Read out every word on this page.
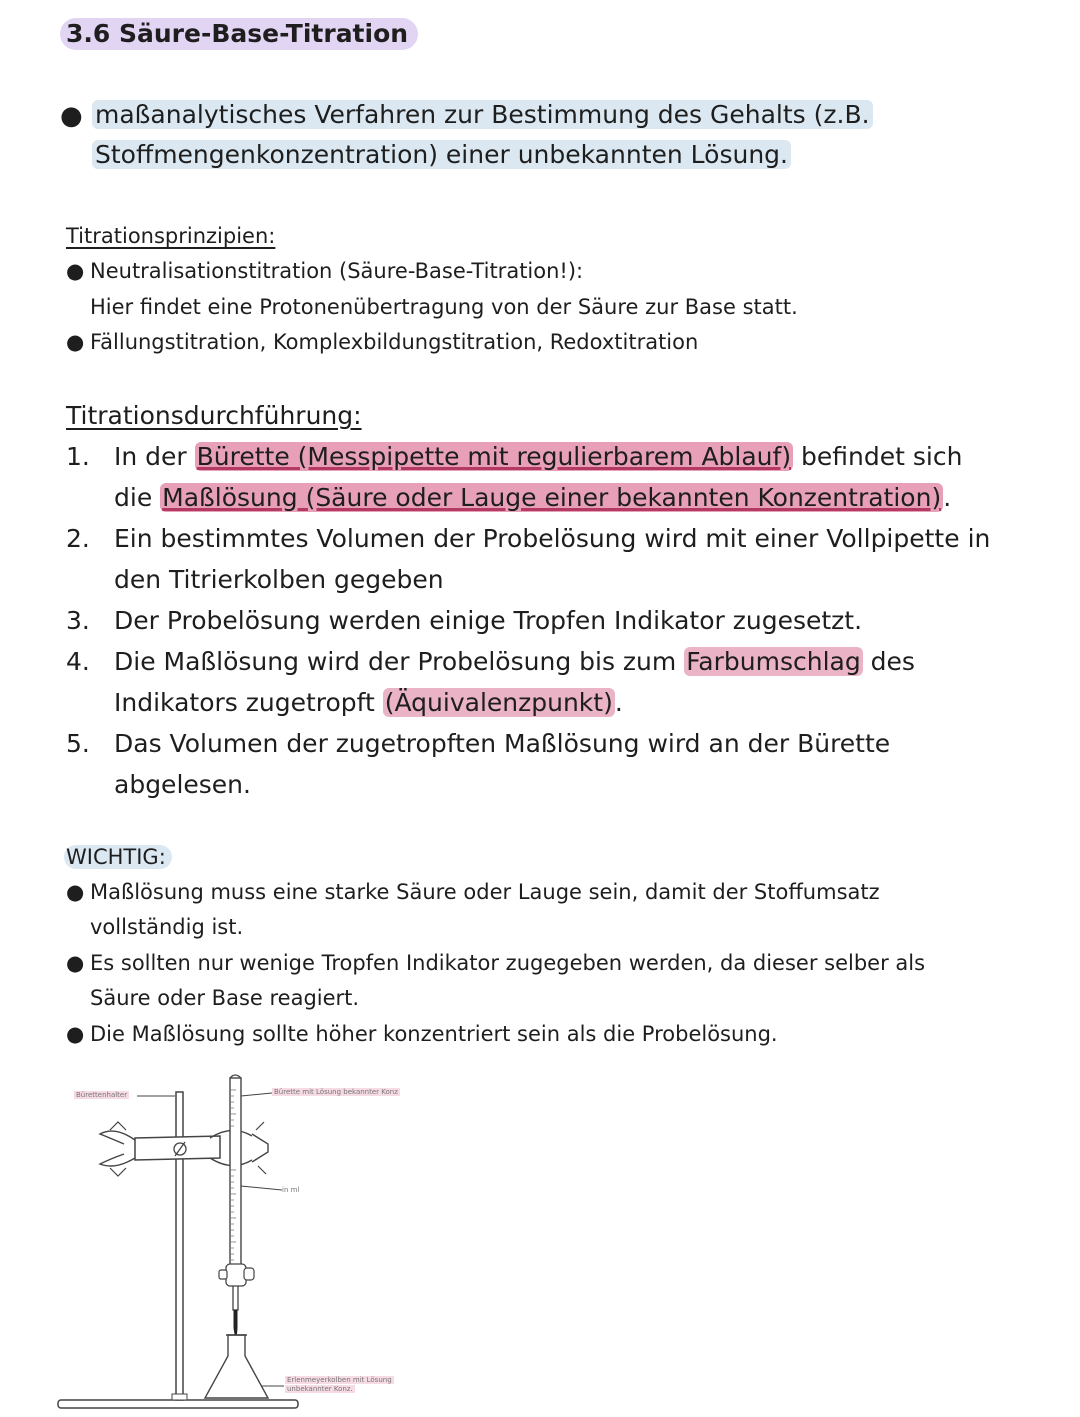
3.6 Säure-Base-Titration
● maßanalytisches Verfahren zur Bestimmung des Gehalts (z.B.
Stoffmengenkonzentration) einer unbekannten Lösung.
Titrationsprinzipien:
● Neutralisationstitration (Säure-Base-Titration!):
Hier findet eine Protonenübertragung von der Säure zur Base statt.
● Fällungstitration, Komplexbildungstitration, Redoxtitration
Titrationsdurchführung:
1. In der Bürette (Messpipette mit regulierbarem Ablauf) befindet sich
die Maßlösung (Säure oder Lauge einer bekannten Konzentration).
2. Ein bestimmtes Volumen der Probelösung wird mit einer Vollpipette in
den Titrierkolben gegeben
3. Der Probelösung werden einige Tropfen Indikator zugesetzt.
4. Die Maßlösung wird der Probelösung bis zum Farbumschlag des
Indikators zugetropft (Äquivalenzpunkt).
5. Das Volumen der zugetropften Maßlösung wird an der Bürette
abgelesen.
WICHTIG:
● Maßlösung muss eine starke Säure oder Lauge sein, damit der Stoffumsatz
vollständig ist.
● Es sollten nur wenige Tropfen Indikator zugegeben werden, da dieser selber als
Säure oder Base reagiert.
● Die Maßlösung sollte höher konzentriert sein als die Probelösung.
Bürettenhalter	Bürette mit Lösung bekannter Konz
in ml
Erlenmeyerkolben mit Lösung
unbekannter Konz.
